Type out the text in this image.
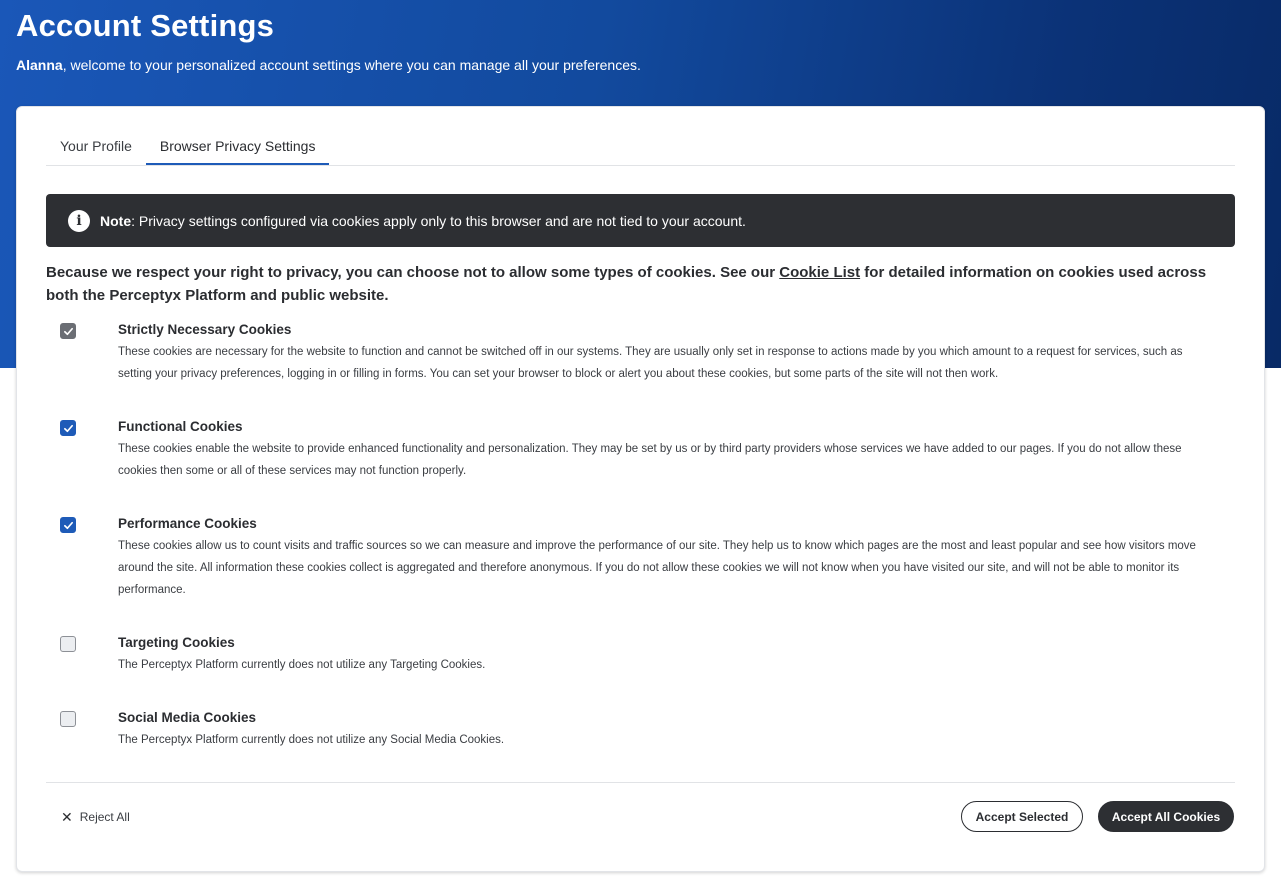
Account Settings

Alanna, welcome to your personalized account settings where you can manage all your preferences.

Your Profile	Browser Privacy Settings
i	Note : Privacy settings configured via cookies apply only to this browser and are not tied to your account.

Because we respect your right to privacy, you can choose not to allow some types of cookies. See our Cookie List for detailed information on cookies used across both the Perceptyx Platform and public website.

Strictly Necessary Cookies
These cookies are necessary for the website to function and cannot be switched off in our systems. They are usually only set in response to actions made by you which amount to a request for services, such as setting your privacy preferences, logging in or filling in forms. You can set your browser to block or alert you about these cookies, but some parts of the site will not then work.
Functional Cookies
These cookies enable the website to provide enhanced functionality and personalization. They may be set by us or by third party providers whose services we have added to our pages. If you do not allow these cookies then some or all of these services may not function properly.
Performance Cookies
These cookies allow us to count visits and traffic sources so we can measure and improve the performance of our site. They help us to know which pages are the most and least popular and see how visitors move around the site. All information these cookies collect is aggregated and therefore anonymous. If you do not allow these cookies we will not know when you have visited our site, and will not be able to monitor its performance.
Targeting Cookies
The Perceptyx Platform currently does not utilize any Targeting Cookies.
Social Media Cookies
The Perceptyx Platform currently does not utilize any Social Media Cookies.
✕ Reject All	Accept Selected	Accept All Cookies
